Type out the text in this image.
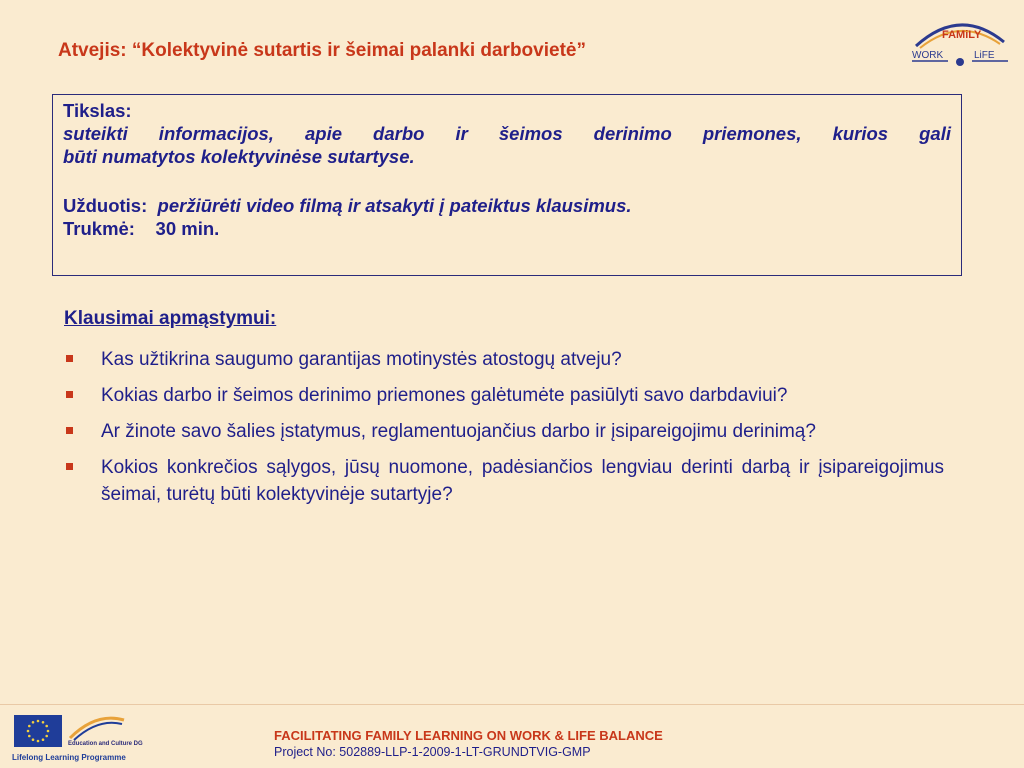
Atvejis: “Kolektyvinė sutartis ir šeimai palanki darbovietė”
FAMiLY
WORK	LiFE
Tikslas:
suteikti informacijos, apie darbo ir šeimos derinimo priemones, kurios gali
būti numatytos kolektyvinėse sutartyse.
Užduotis: peržiūrėti video filmą ir atsakyti į pateiktus klausimus.
Trukmė: 30 min.
Klausimai apmąstymui:
Kas užtikrina saugumo garantijas motinystės atostogų atveju?
Kokias darbo ir šeimos derinimo priemones galėtumėte pasiūlyti savo darbdaviui?
Ar žinote savo šalies įstatymus, reglamentuojančius darbo ir įsipareigojimu derinimą?
Kokios konkrečios sąlygos, jūsų nuomone, padėsiančios lengviau derinti darbą ir įsipareigojimus šeimai, turėtų būti kolektyvinėje sutartyje?
Education and Culture DG
Lifelong Learning Programme
FACILITATING FAMILY LEARNING ON WORK & LIFE BALANCE
Project No: 502889-LLP-1-2009-1-LT-GRUNDTVIG-GMP
